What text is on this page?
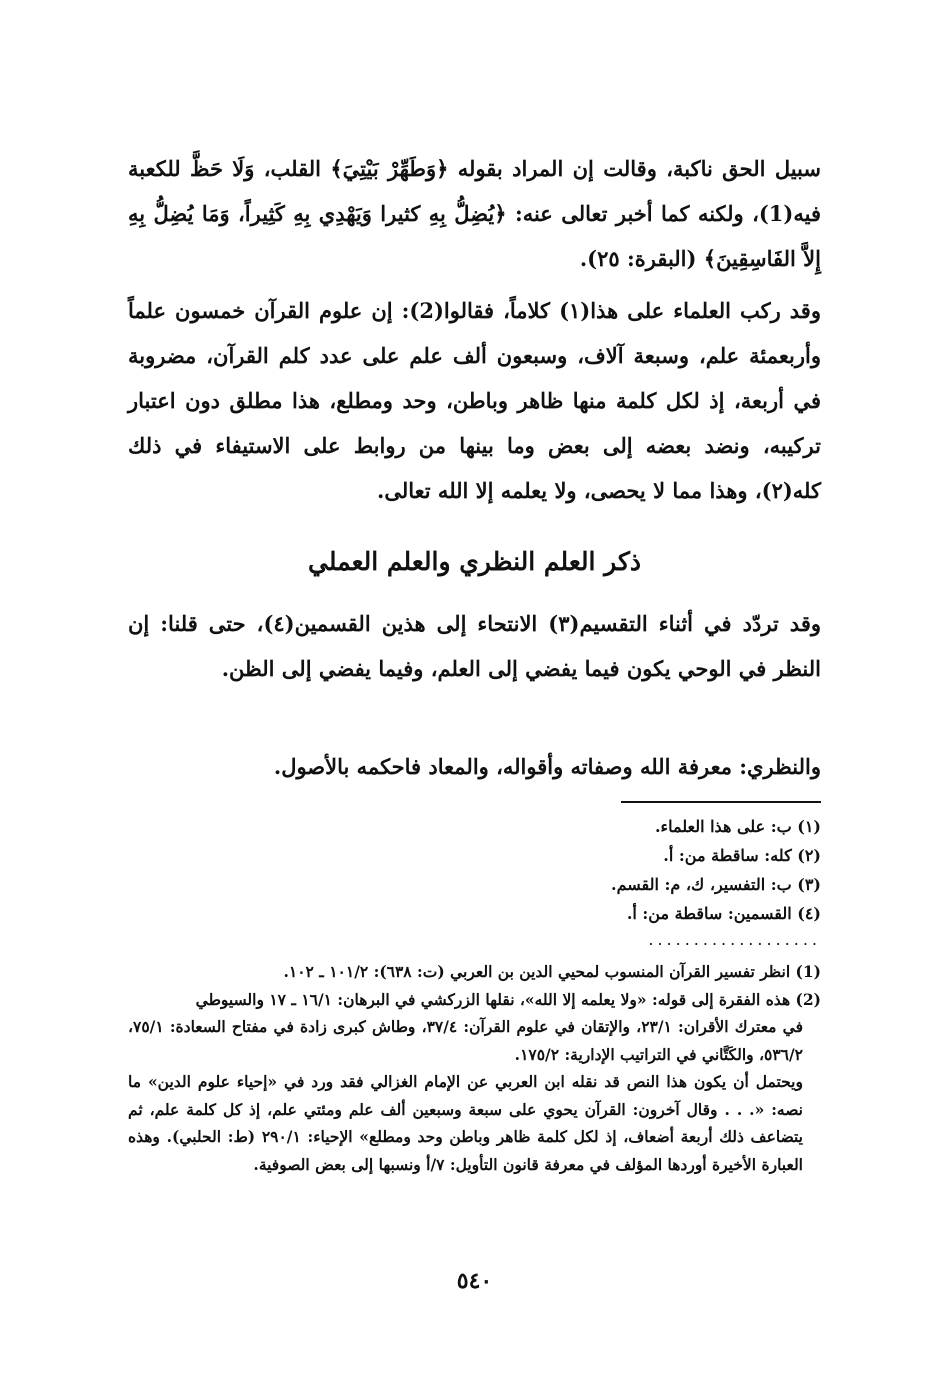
سبيل الحق ناكبة، وقالت إن المراد بقوله ﴿وَطَهِّرْ بَيْتِيَ﴾ القلب، وَلَا حَظَّ للكعبة فيه(1)، ولكنه كما أخبر تعالى عنه: ﴿يُضِلُّ بِهِ كثيرا وَيَهْدِي بِهِ كَثِيراً، وَمَا يُضِلُّ بِهِ إِلاَّ الفَاسِقِينَ﴾ (البقرة: ٢٥).

وقد ركب العلماء على هذا(١) كلاماً، فقالوا(2): إن علوم القرآن خمسون علماً وأربعمئة علم، وسبعة آلاف، وسبعون ألف علم على عدد كلم القرآن، مضروبة في أربعة، إذ لكل كلمة منها ظاهر وباطن، وحد ومطلع، هذا مطلق دون اعتبار تركيبه، ونضد بعضه إلى بعض وما بينها من روابط على الاستيفاء في ذلك كله(٢)، وهذا مما لا يحصى، ولا يعلمه إلا الله تعالى.

ذكر العلم النظري والعلم العملي

وقد تردّد في أثناء التقسيم(٣) الانتحاء إلى هذين القسمين(٤)، حتى قلنا: إن النظر في الوحي يكون فيما يفضي إلى العلم، وفيما يفضي إلى الظن.

والنظري: معرفة الله وصفاته وأقواله، والمعاد فاحكمه بالأصول.

(١) ب: على هذا العلماء.
(٢) كله: ساقطة من: أ.
(٣) ب: التفسير، ك، م: القسم.
(٤) القسمين: ساقطة من: أ.
...................

(1) انظر تفسير القرآن المنسوب لمحيي الدين بن العربي (ت: ٦٣٨): ١٠١/٢ ـ ١٠٢.

(2) هذه الفقرة إلى قوله: «ولا يعلمه إلا الله»، نقلها الزركشي في البرهان: ١٦/١ ـ ١٧ والسيوطي

في معترك الأقران: ٢٣/١، والإتقان في علوم القرآن: ٣٧/٤، وطاش كبرى زادة في مفتاح السعادة: ٧٥/١، ٥٣٦/٢، والكَتَّاني في التراتيب الإدارية: ١٧٥/٢.

ويحتمل أن يكون هذا النص قد نقله ابن العربي عن الإمام الغزالي فقد ورد في «إحياء علوم الدين» ما نصه: «. . . وقال آخرون: القرآن يحوي على سبعة وسبعين ألف علم ومئتي علم، إذ كل كلمة علم، ثم يتضاعف ذلك أربعة أضعاف، إذ لكل كلمة ظاهر وباطن وحد ومطلع» الإحياء: ٢٩٠/١ (ط: الحلبي). وهذه العبارة الأخيرة أوردها المؤلف في معرفة قانون التأويل: ٧/أ ونسبها إلى بعض الصوفية.

٥٤٠
